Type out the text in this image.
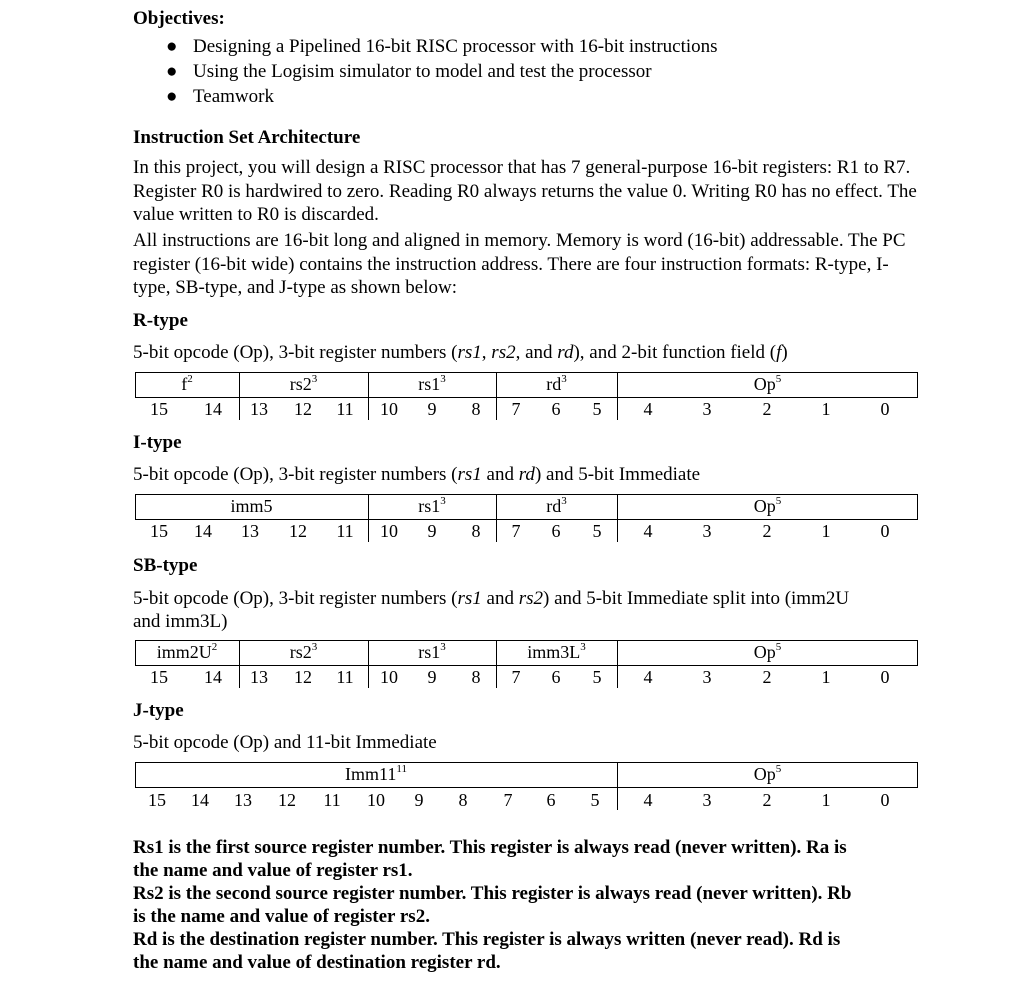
Objectives:
● Designing a Pipelined 16-bit RISC processor with 16-bit instructions
● Using the Logisim simulator to model and test the processor
● Teamwork
Instruction Set Architecture
In this project, you will design a RISC processor that has 7 general-purpose 16-bit registers: R1 to R7. Register R0 is hardwired to zero. Reading R0 always returns the value 0. Writing R0 has no effect. The value written to R0 is discarded.
All instructions are 16-bit long and aligned in memory. Memory is word (16-bit) addressable. The PC register (16-bit wide) contains the instruction address. There are four instruction formats: R-type, I-type, SB-type, and J-type as shown below:
R-type
5-bit opcode (Op), 3-bit register numbers (rs1, rs2, and rd), and 2-bit function field (f)
$f^2$	$rs2^3$	$rs1^3$	$rd^3$	Op$^5$
15	14	13	12	11	10	9	8	7	6	5	4	3	2	1	0
I-type
5-bit opcode (Op), 3-bit register numbers (rs1 and rd) and 5-bit Immediate
imm5	$rs1^3$	$rd^3$	Op$^5$
15	14	13	12	11	10	9	8	7	6	5	4	3	2	1	0
SB-type
5-bit opcode (Op), 3-bit register numbers (rs1 and rs2) and 5-bit Immediate split into (imm2U
and imm3L)
$imm2U^2$	$rs2^3$	$rs1^3$	$imm3L^3$	Op$^5$
15	14	13	12	11	10	9	8	7	6	5	4	3	2	1	0
J-type
5-bit opcode (Op) and 11-bit Immediate
$Imm11^{11}$	Op$^5$
15	14	13	12	11	10	9	8	7	6	5	4	3	2	1	0
Rs1 is the first source register number. This register is always read (never written). Ra is
the name and value of register rs1.
Rs2 is the second source register number. This register is always read (never written). Rb
is the name and value of register rs2.
Rd is the destination register number. This register is always written (never read). Rd is
the name and value of destination register rd.
